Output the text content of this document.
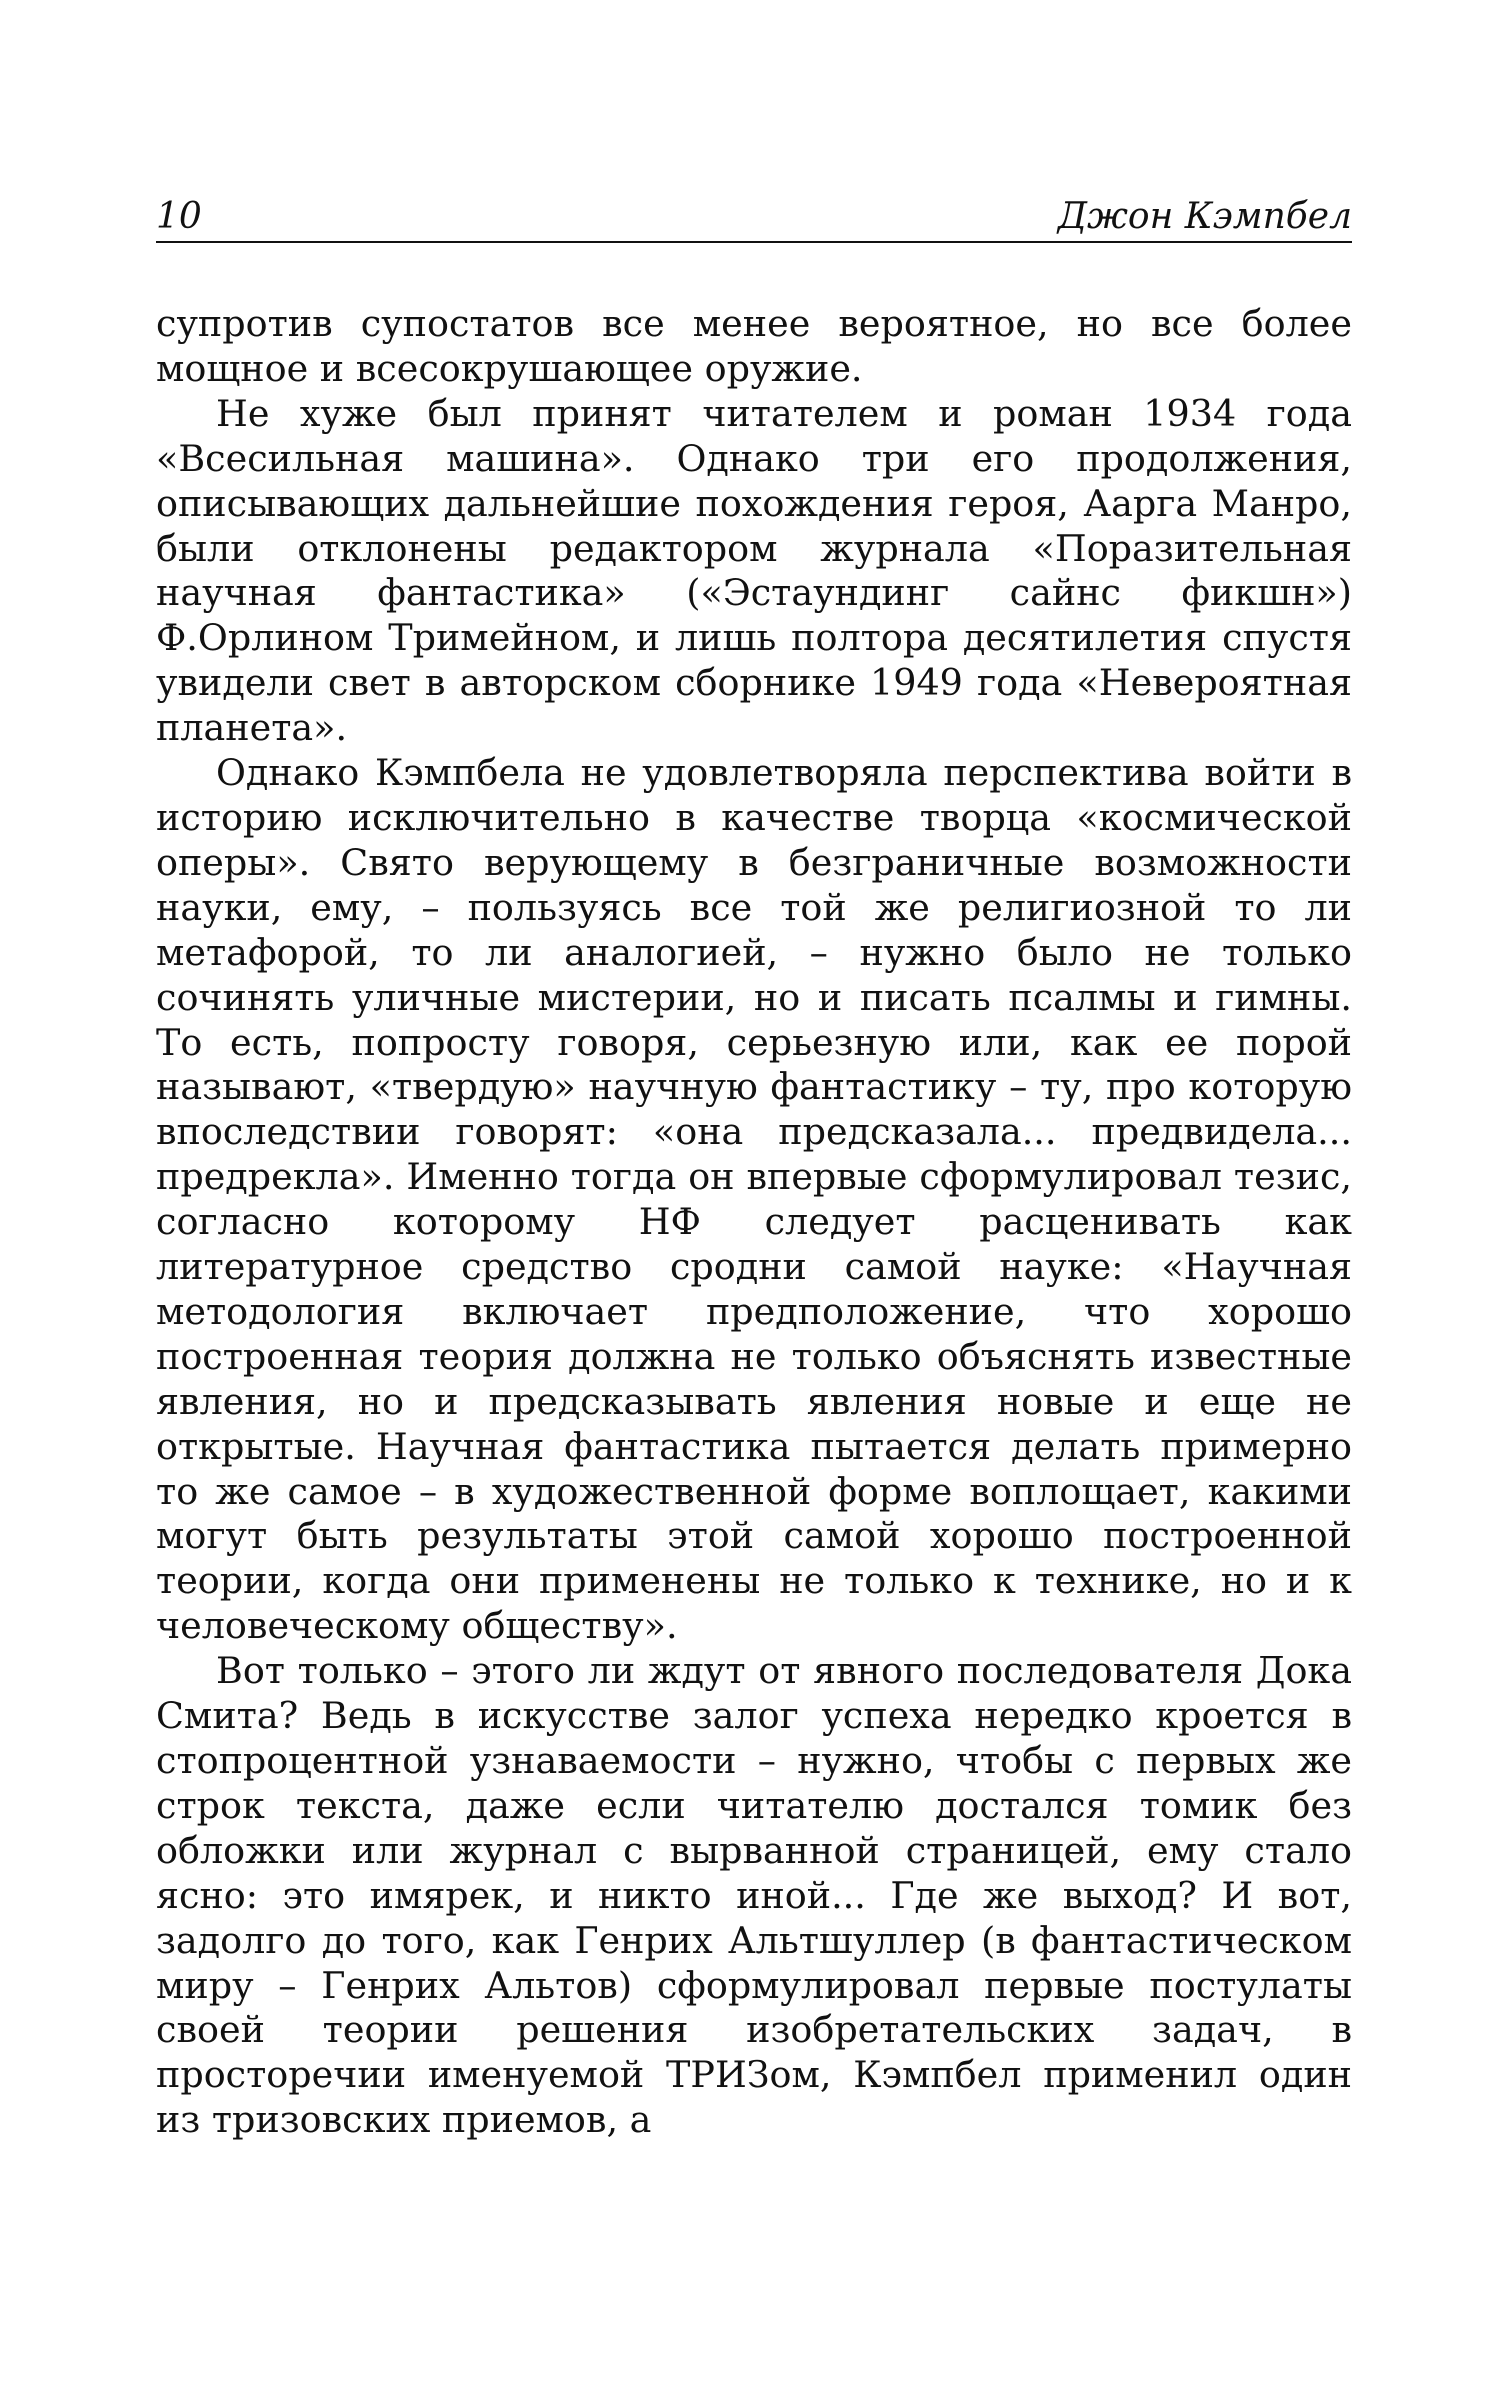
10	Джон Кэмпбел

супротив супостатов все менее вероятное, но все более мощное и всесокрушающее оружие.

Не хуже был принят читателем и роман 1934 года «Всесильная машина». Однако три его продолжения, описывающих дальнейшие похождения героя, Аарга Манро, были отклонены редактором журнала «Поразительная научная фантастика» («Эстаундинг сайнс фикшн») Ф.Орлином Тримейном, и лишь полтора десятилетия спустя увидели свет в авторском сборнике 1949 года «Невероятная планета».

Однако Кэмпбела не удовлетворяла перспектива войти в историю исключительно в качестве творца «космической оперы». Свято верующему в безграничные возможности науки, ему, – пользуясь все той же религиозной то ли метафорой, то ли аналогией, – нужно было не только сочинять уличные мистерии, но и писать псалмы и гимны. То есть, попросту говоря, серьезную или, как ее порой называют, «твердую» научную фантастику – ту, про которую впоследствии говорят: «она предсказала... предвидела... предрекла». Именно тогда он впервые сформулировал тезис, согласно которому НФ следует расценивать как литературное средство сродни самой науке: «Научная методология включает предположение, что хорошо построенная теория должна не только объяснять известные явления, но и предсказывать явления новые и еще не открытые. Научная фантастика пытается делать примерно то же самое – в художественной форме воплощает, какими могут быть результаты этой самой хорошо построенной теории, когда они применены не только к технике, но и к человеческому обществу».

Вот только – этого ли ждут от явного последователя Дока Смита? Ведь в искусстве залог успеха нередко кроется в стопроцентной узнаваемости – нужно, чтобы с первых же строк текста, даже если читателю достался томик без обложки или журнал с вырванной страницей, ему стало ясно: это имярек, и никто иной... Где же выход? И вот, задолго до того, как Генрих Альтшуллер (в фантастическом миру – Генрих Альтов) сформулировал первые постулаты своей теории решения изобретательских задач, в просторечии именуемой ТРИЗом, Кэмпбел применил один из тризовских приемов, а
